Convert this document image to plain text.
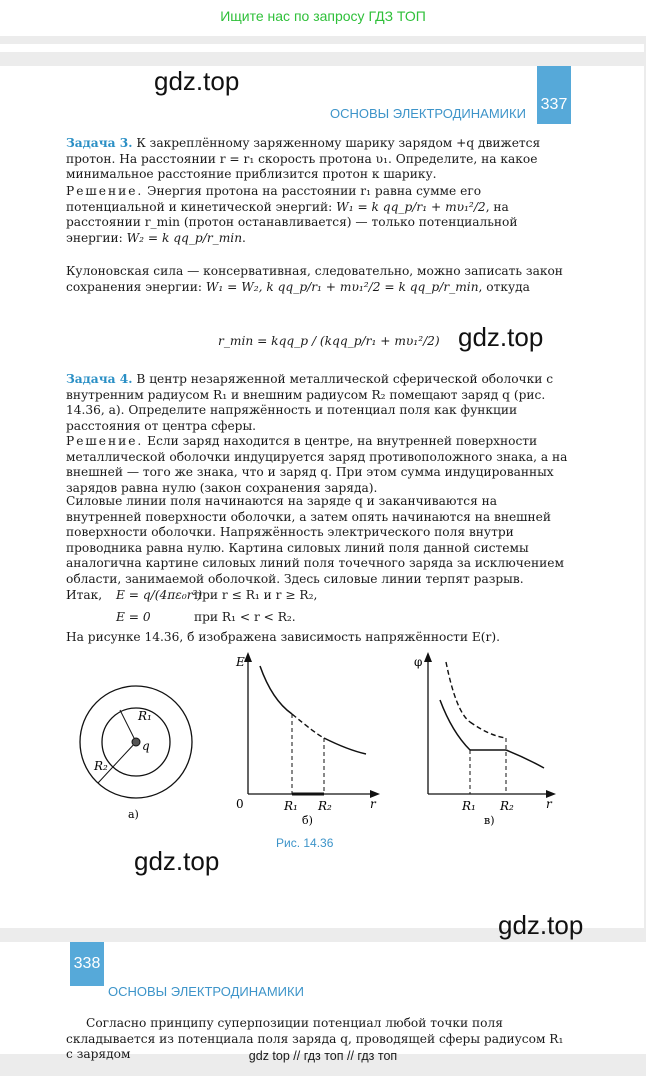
Ищите нас по запросу ГДЗ ТОП
gdz.top
ОСНОВЫ ЭЛЕКТРОДИНАМИКИ
337
Задача 3. К закреплённому заряженному шарику зарядом +q движется протон. На расстоянии r = r₁ скорость протона υ₁. Определите, на какое минимальное расстояние приблизится протон к шарику.
Решение. Энергия протона на расстоянии r₁ равна сумме его потенциальной и кинетической энергий: W₁ = k qq_p/r₁ + mυ₁²/2, на расстоянии r_min (протон останавливается) — только потенциальной энергии: W₂ = k qq_p/r_min.
Кулоновская сила — консервативная, следовательно, можно записать закон сохранения энергии: W₁ = W₂, k qq_p/r₁ + mυ₁²/2 = k qq_p/r_min, откуда
r_min = kqq_p / (kqq_p/r₁ + mυ₁²/2) gdz.top
Задача 4. В центр незаряженной металлической сферической оболочки с внутренним радиусом R₁ и внешним радиусом R₂ помещают заряд q (рис. 14.36, а). Определите напряжённость и потенциал поля как функции расстояния от центра сферы.
Решение. Если заряд находится в центре, на внутренней поверхности металлической оболочки индуцируется заряд противоположного знака, а на внешней — того же знака, что и заряд q. При этом сумма индуцированных зарядов равна нулю (закон сохранения заряда).
Силовые линии поля начинаются на заряде q и заканчиваются на внутренней поверхности оболочки, а затем опять начинаются на внешней поверхности оболочки. Напряжённость электрического поля внутри проводника равна нулю. Картина силовых линий поля данной системы аналогична картине силовых линий поля точечного заряда за исключением области, занимаемой оболочкой. Здесь силовые линии терпят разрыв.
Итак,	E = q/(4πε₀r²)
при r ≤ R₁ и r ≥ R₂,
E = 0	при R₁ < r < R₂.
На рисунке 14.36, б изображена зависимость напряжённости E(r).
R₁
q
R₂
а)
E
0	R₁ R₂	r
б)
φ
R₁ R₂	r
в)
Рис. 14.36
gdz.top
gdz.top
338
ОСНОВЫ ЭЛЕКТРОДИНАМИКИ
Согласно принципу суперпозиции потенциал любой точки поля складывается из потенциала поля заряда q, проводящей сферы радиусом R₁ с зарядом	gdz top // гдз топ // гдз топ
